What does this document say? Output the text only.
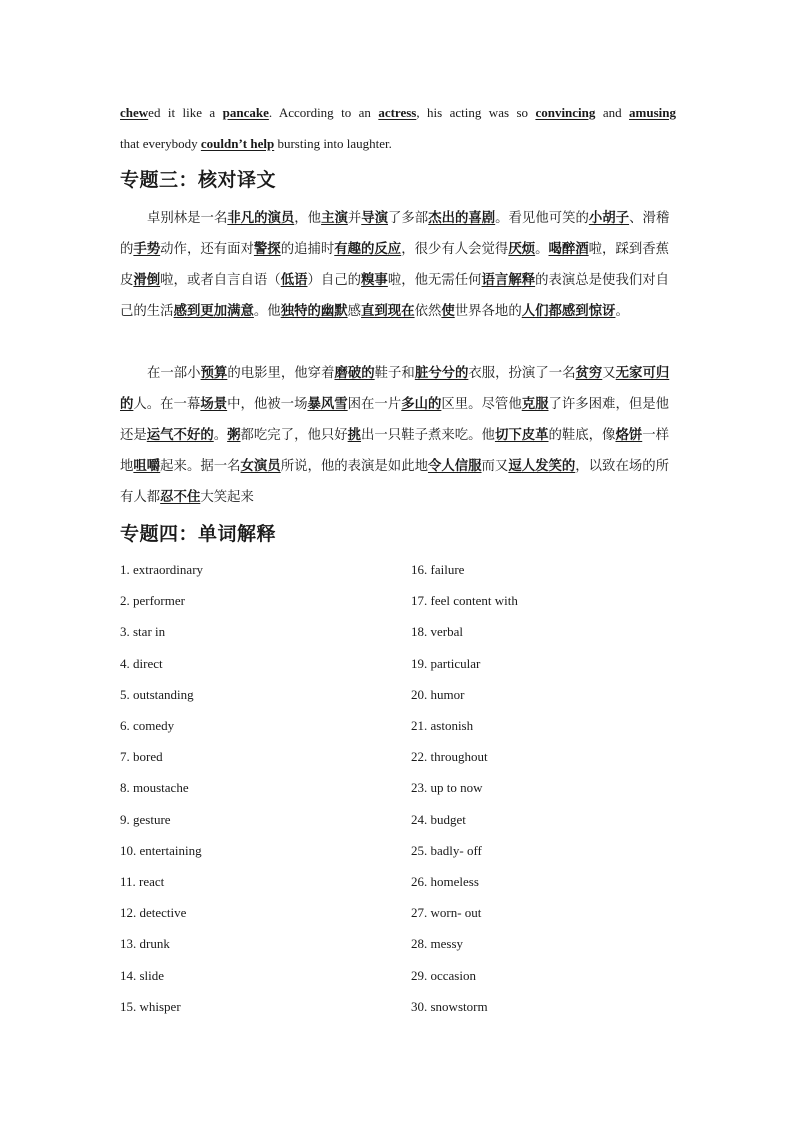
chewed it like a pancake. According to an actress, his acting was so convincing and amusing
that everybody couldn’t help bursting into laughter.
专题三：核对译文
卓别林是一名非凡的演员，他主演并导演了多部杰出的喜剧。看见他可笑的小胡子、滑稽的手势动作，还有面对警探的追捕时有趣的反应，很少有人会觉得厌烦。喝醉酒啦，踩到香蕉皮滑倒啦，或者自言自语（低语）自己的糗事啦，他无需任何语言解释的表演总是使我们对自己的生活感到更加满意。他独特的幽默感直到现在依然使世界各地的人们都感到惊讶。
在一部小预算的电影里，他穿着磨破的鞋子和脏兮兮的衣服，扮演了一名贫穷又无家可归的人。在一幕场景中，他被一场暴风雪困在一片多山的区里。尽管他克服了许多困难，但是他还是运气不好的。粥都吃完了，他只好挑出一只鞋子煮来吃。他切下皮革的鞋底，像烙饼一样地咀嚼起来。据一名女演员所说，他的表演是如此地令人信服而又逗人发笑的，以致在场的所有人都忍不住大笑起来
专题四：单词解释
1. extraordinary
2. performer
3. star in
4. direct
5. outstanding
6. comedy
7. bored
8. moustache
9. gesture
10. entertaining
11. react
12. detective
13. drunk
14. slide
15. whisper
16. failure
17. feel content with
18. verbal
19. particular
20. humor
21. astonish
22. throughout
23. up to now
24. budget
25. badly- off
26. homeless
27. worn- out
28. messy
29. occasion
30. snowstorm
